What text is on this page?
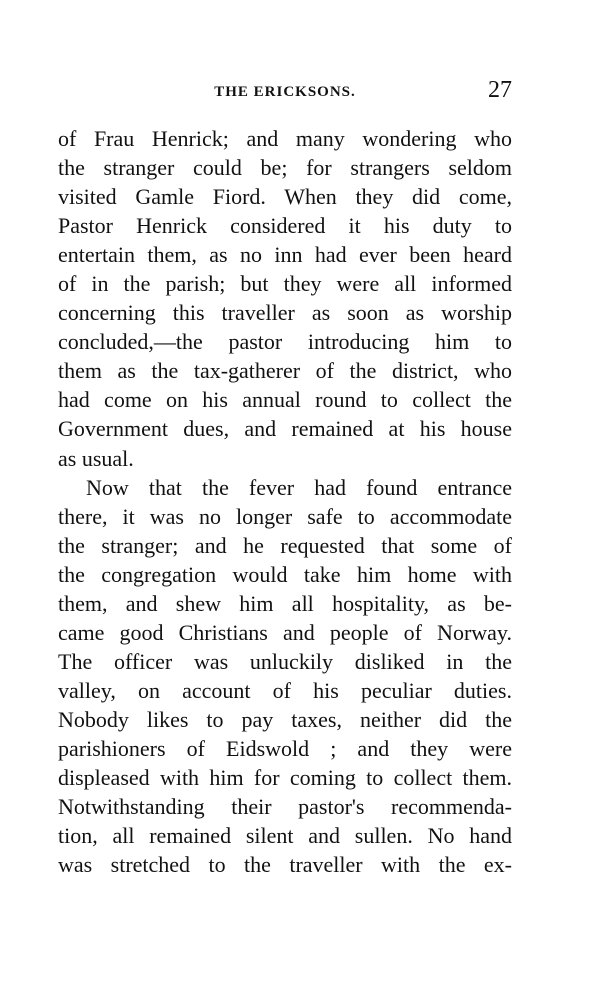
THE ERICKSONS.	27
of Frau Henrick; and many wondering who
the stranger could be; for strangers seldom
visited Gamle Fiord. When they did come,
Pastor Henrick considered it his duty to
entertain them, as no inn had ever been heard
of in the parish; but they were all informed
concerning this traveller as soon as worship
concluded,—the pastor introducing him to
them as the tax-gatherer of the district, who
had come on his annual round to collect the
Government dues, and remained at his house
as usual.
Now that the fever had found entrance
there, it was no longer safe to accommodate
the stranger; and he requested that some of
the congregation would take him home with
them, and shew him all hospitality, as be-
came good Christians and people of Norway.
The officer was unluckily disliked in the
valley, on account of his peculiar duties.
Nobody likes to pay taxes, neither did the
parishioners of Eidswold ; and they were
displeased with him for coming to collect them.
Notwithstanding their pastor's recommenda-
tion, all remained silent and sullen. No hand
was stretched to the traveller with the ex-
